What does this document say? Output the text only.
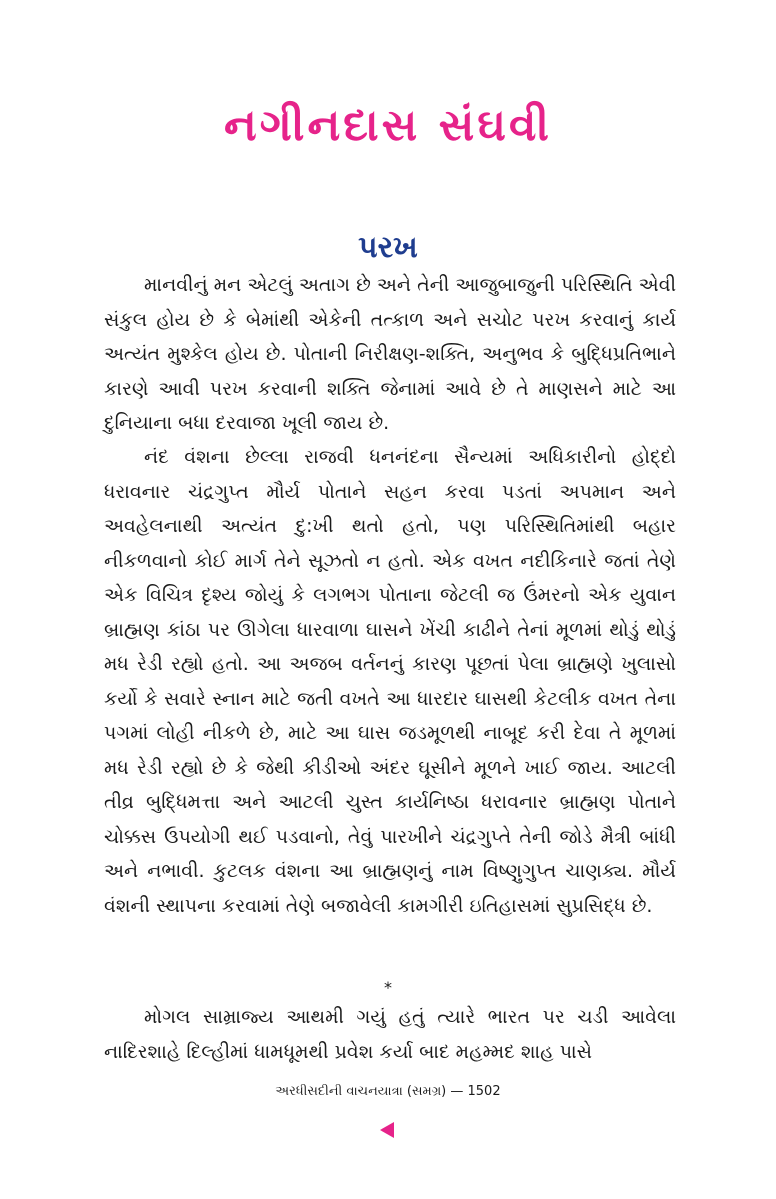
નગીનદાસ સંઘવી
પરખ

માનવીનું મન એટલું અતાગ છે અને તેની આજુબાજુની પરિસ્થિતિ એવી સંકુલ હોય છે કે બેમાંથી એકેની તત્કાળ અને સચોટ પરખ કરવાનું કાર્ય અત્યંત મુશ્કેલ હોય છે. પોતાની નિરીક્ષણ-શક્તિ, અનુભવ કે બુદ્ધિપ્રતિભાને કારણે આવી પરખ કરવાની શક્તિ જેનામાં આવે છે તે માણસને માટે આ દુનિયાના બધા દરવાજા ખૂલી જાય છે.

નંદ વંશના છેલ્લા રાજવી ધનનંદના સૈન્યમાં અધિકારીનો હોદ્દો ધરાવનાર ચંદ્રગુપ્ત મૌર્ય પોતાને સહન કરવા પડતાં અપમાન અને અવહેલનાથી અત્યંત દુ:ખી થતો હતો, પણ પરિસ્થિતિમાંથી બહાર નીકળવાનો કોઈ માર્ગ તેને સૂઝતો ન હતો. એક વખત નદીકિનારે જતાં તેણે એક વિચિત્ર દૃશ્ય જોયું કે લગભગ પોતાના જેટલી જ ઉંમરનો એક યુવાન બ્રાહ્મણ કાંઠા પર ઊગેલા ધારવાળા ઘાસને ખેંચી કાઢીને તેનાં મૂળમાં થોડું થોડું મધ રેડી રહ્યો હતો. આ અજબ વર્તનનું કારણ પૂછતાં પેલા બ્રાહ્મણે ખુલાસો કર્યો કે સવારે સ્નાન માટે જતી વખતે આ ધારદાર ઘાસથી કેટલીક વખત તેના પગમાં લોહી નીકળે છે, માટે આ ઘાસ જડમૂળથી નાબૂદ કરી દેવા તે મૂળમાં મધ રેડી રહ્યો છે કે જેથી કીડીઓ અંદર ઘૂસીને મૂળને ખાઈ જાય. આટલી તીવ્ર બુદ્ધિમત્તા અને આટલી ચુસ્ત કાર્યનિષ્ઠા ધરાવનાર બ્રાહ્મણ પોતાને ચોક્કસ ઉપયોગી થઈ પડવાનો, તેવું પારખીને ચંદ્રગુપ્તે તેની જોડે મૈત્રી બાંધી અને નભાવી. કુટલક વંશના આ બ્રાહ્મણનું નામ વિષ્ણુગુપ્ત ચાણક્ય. મૌર્ય વંશની સ્થાપના કરવામાં તેણે બજાવેલી કામગીરી ઇતિહાસમાં સુપ્રસિદ્ધ છે.

*

મોગલ સામ્રાજ્ય આથમી ગયું હતું ત્યારે ભારત પર ચડી આવેલા નાદિરશાહે દિલ્હીમાં ધામધૂમથી પ્રવેશ કર્યા બાદ મહમ્મદ શાહ પાસે

અરધીસદીની વાચનયાત્રા (સમગ્ર) — 1502
